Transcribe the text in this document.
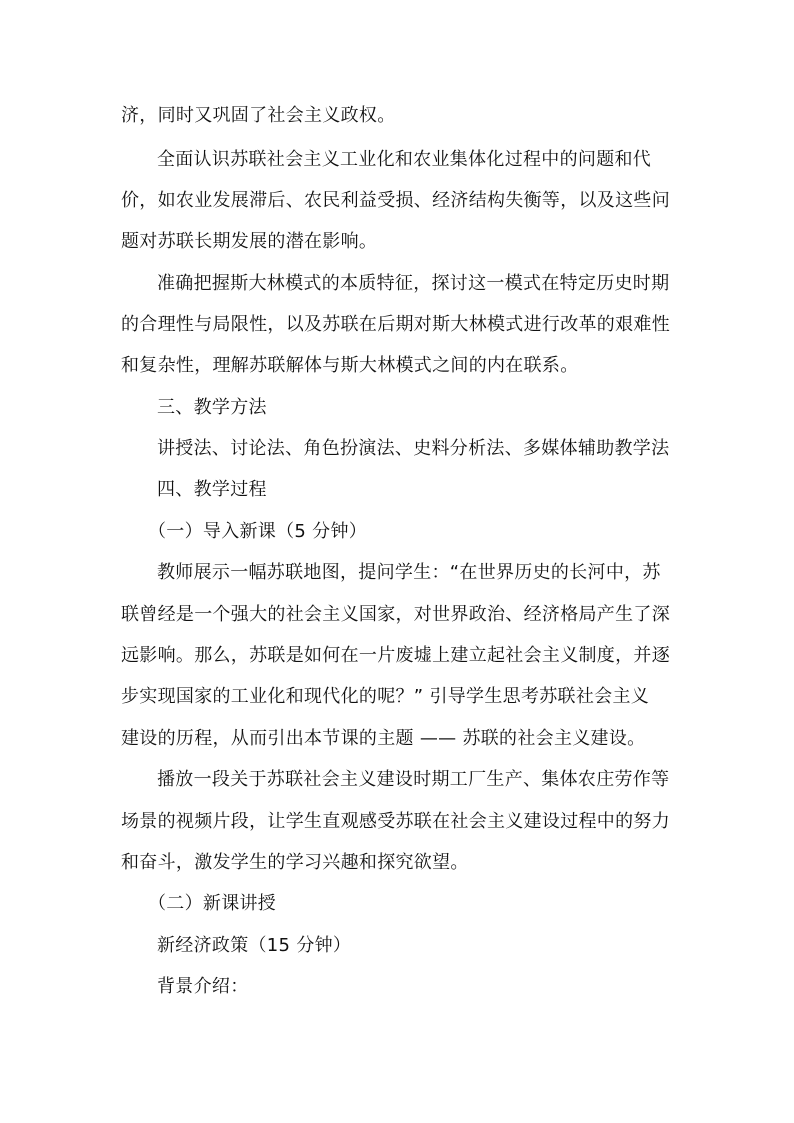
济，同时又巩固了社会主义政权。
全面认识苏联社会主义工业化和农业集体化过程中的问题和代
价，如农业发展滞后、农民利益受损、经济结构失衡等，以及这些问
题对苏联长期发展的潜在影响。
准确把握斯大林模式的本质特征，探讨这一模式在特定历史时期
的合理性与局限性，以及苏联在后期对斯大林模式进行改革的艰难性
和复杂性，理解苏联解体与斯大林模式之间的内在联系。
三、教学方法
讲授法、讨论法、角色扮演法、史料分析法、多媒体辅助教学法
四、教学过程
（一）导入新课（5 分钟）
教师展示一幅苏联地图，提问学生：“在世界历史的长河中，苏
联曾经是一个强大的社会主义国家，对世界政治、经济格局产生了深
远影响。那么，苏联是如何在一片废墟上建立起社会主义制度，并逐
步实现国家的工业化和现代化的呢？” 引导学生思考苏联社会主义
建设的历程，从而引出本节课的主题 —— 苏联的社会主义建设。
播放一段关于苏联社会主义建设时期工厂生产、集体农庄劳作等
场景的视频片段，让学生直观感受苏联在社会主义建设过程中的努力
和奋斗，激发学生的学习兴趣和探究欲望。
（二）新课讲授
新经济政策（15 分钟）
背景介绍：
